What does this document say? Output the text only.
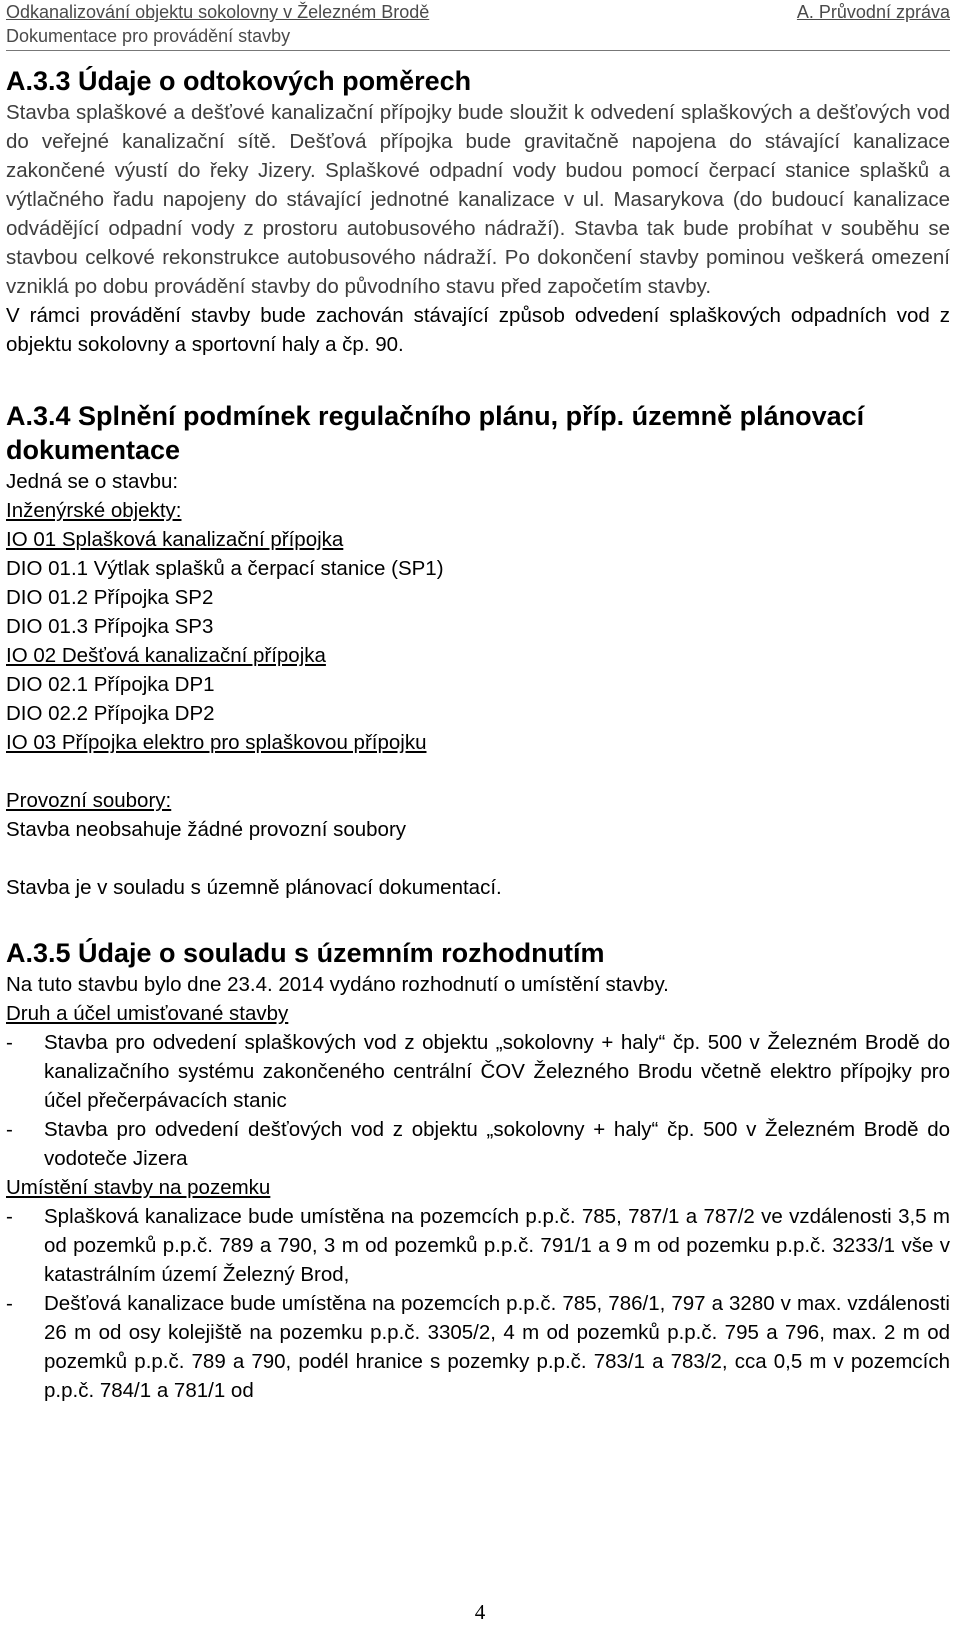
Odkanalizování objektu sokolovny v Železném Brodě	A. Průvodní zpráva
Dokumentace pro provádění stavby
A.3.3 Údaje o odtokových poměrech

Stavba splaškové a dešťové kanalizační přípojky bude sloužit k odvedení splaškových a dešťových vod do veřejné kanalizační sítě. Dešťová přípojka bude gravitačně napojena do stávající kanalizace zakončené výustí do řeky Jizery. Splaškové odpadní vody budou pomocí čerpací stanice splašků a výtlačného řadu napojeny do stávající jednotné kanalizace v ul. Masarykova (do budoucí kanalizace odvádějící odpadní vody z prostoru autobusového nádraží). Stavba tak bude probíhat v souběhu se stavbou celkové rekonstrukce autobusového nádraží. Po dokončení stavby pominou veškerá omezení vzniklá po dobu provádění stavby do původního stavu před započetím stavby.

V rámci provádění stavby bude zachován stávající způsob odvedení splaškových odpadních vod z objektu sokolovny a sportovní haly a čp. 90.

A.3.4 Splnění podmínek regulačního plánu, příp. územně plánovací dokumentace

Jedná se o stavbu:

Inženýrské objekty:

IO 01 Splašková kanalizační přípojka

DIO 01.1 Výtlak splašků a čerpací stanice (SP1)

DIO 01.2 Přípojka SP2

DIO 01.3 Přípojka SP3

IO 02 Dešťová kanalizační přípojka

DIO 02.1 Přípojka DP1

DIO 02.2 Přípojka DP2

IO 03 Přípojka elektro pro splaškovou přípojku

Provozní soubory:

Stavba neobsahuje žádné provozní soubory

Stavba je v souladu s územně plánovací dokumentací.

A.3.5 Údaje o souladu s územním rozhodnutím

Na tuto stavbu bylo dne 23.4. 2014 vydáno rozhodnutí o umístění stavby.

Druh a účel umisťované stavby

-	Stavba pro odvedení splaškových vod z objektu „sokolovny + haly“ čp. 500 v Železném Brodě do kanalizačního systému zakončeného centrální ČOV Železného Brodu včetně elektro přípojky pro účel přečerpávacích stanic
-	Stavba pro odvedení dešťových vod z objektu „sokolovny + haly“ čp. 500 v Železném Brodě do vodoteče Jizera

Umístění stavby na pozemku

-	Splašková kanalizace bude umístěna na pozemcích p.p.č. 785, 787/1 a 787/2 ve vzdálenosti 3,5 m od pozemků p.p.č. 789 a 790, 3 m od pozemků p.p.č. 791/1 a 9 m od pozemku p.p.č. 3233/1 vše v katastrálním území Železný Brod,
-	Dešťová kanalizace bude umístěna na pozemcích p.p.č. 785, 786/1, 797 a 3280 v max. vzdálenosti 26 m od osy kolejiště na pozemku p.p.č. 3305/2, 4 m od pozemků p.p.č. 795 a 796, max. 2 m od pozemků p.p.č. 789 a 790, podél hranice s pozemky p.p.č. 783/1 a 783/2, cca 0,5 m v pozemcích p.p.č. 784/1 a 781/1 od
4
